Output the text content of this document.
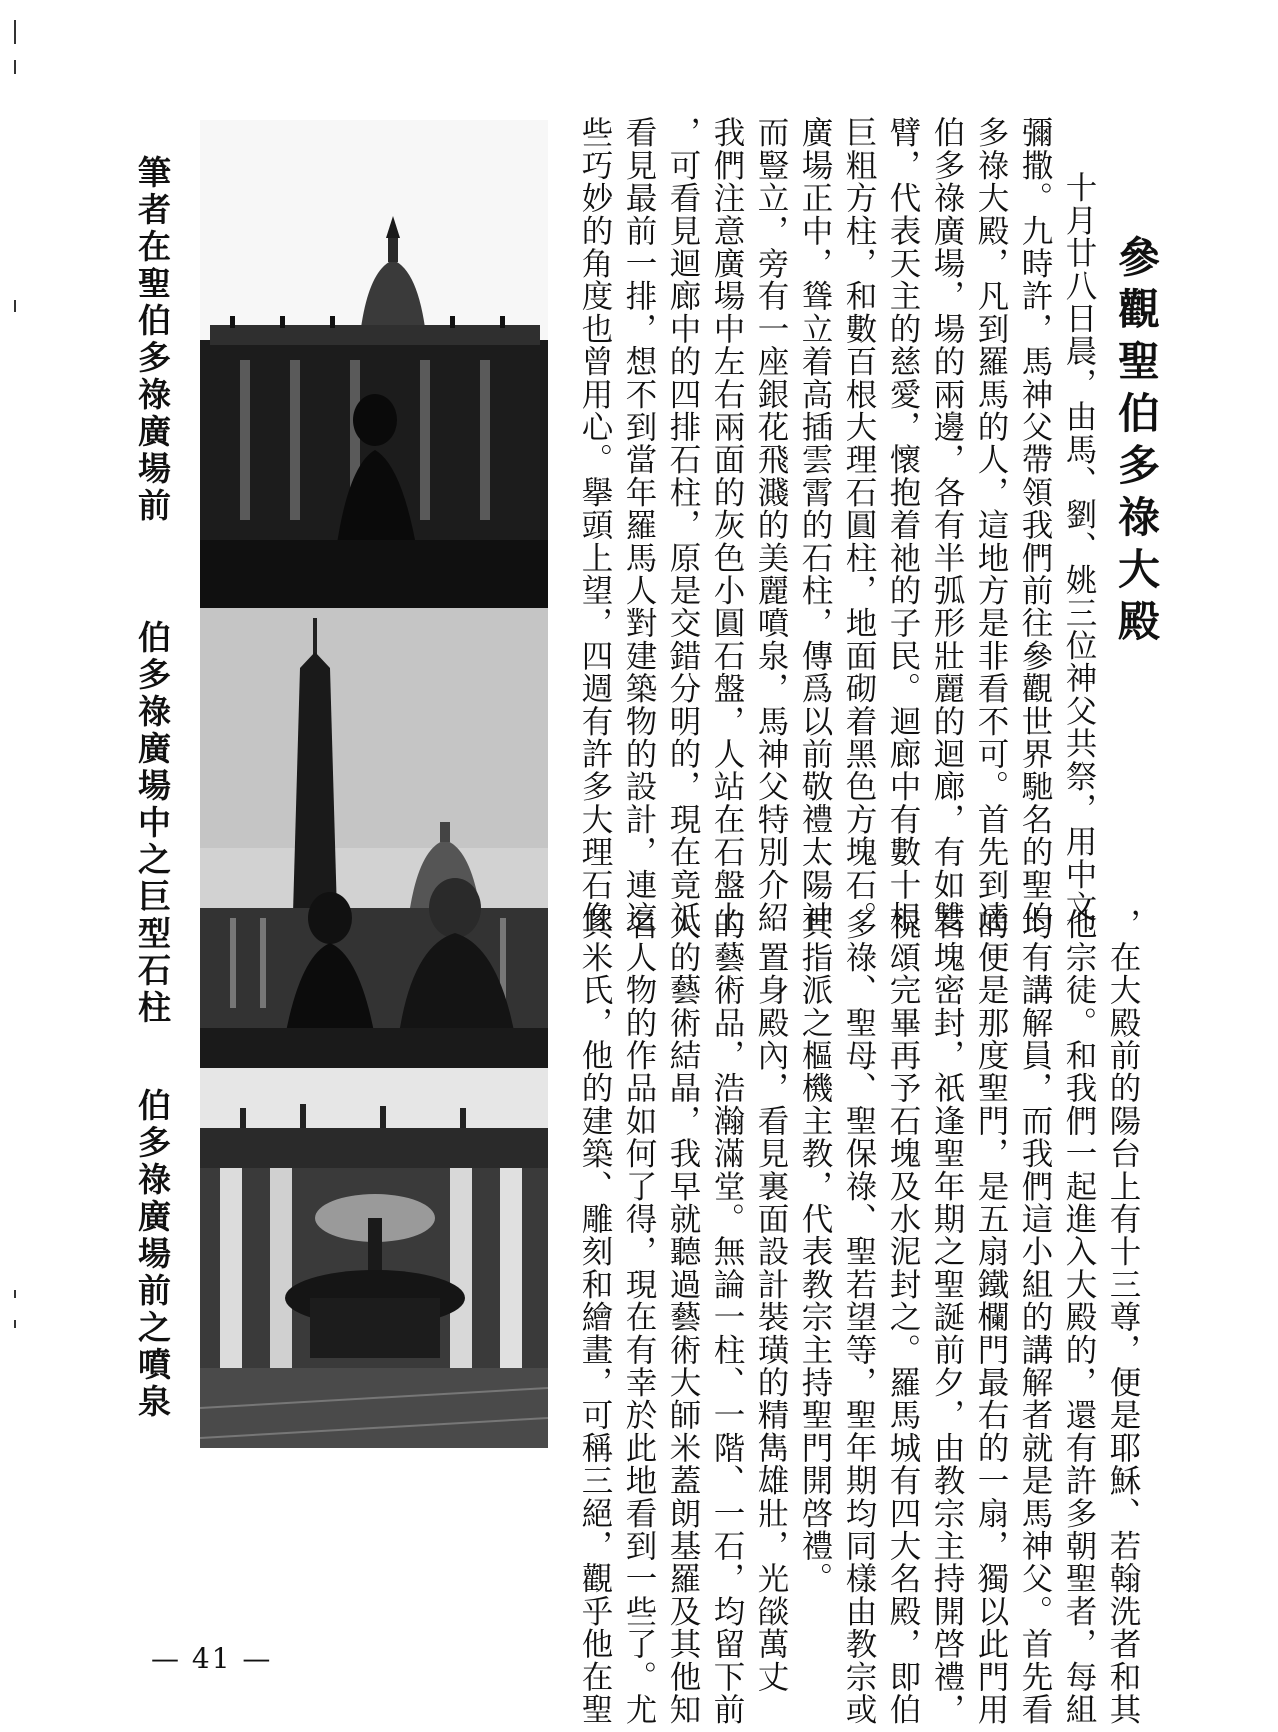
參觀聖伯多祿大殿
十月廿八日晨，由馬、劉、姚三位神父共祭，用中文
彌撒。九時許，馬神父帶領我們前往參觀世界馳名的聖伯
多祿大殿，凡到羅馬的人，這地方是非看不可。首先到達
伯多祿廣場，場的兩邊，各有半弧形壯麗的迴廊，有如雙
臂，代表天主的慈愛，懷抱着祂的子民。迴廊中有數十根
巨粗方柱，和數百根大理石圓柱，地面砌着黑色方塊石。
廣場正中，聳立着高插雲霄的石柱，傳爲以前敬禮太陽神
而豎立，旁有一座銀花飛濺的美麗噴泉，馬神父特別介紹
我們注意廣場中左右兩面的灰色小圓石盤，人站在石盤上
，可看見迴廊中的四排石柱，原是交錯分明的，現在竟祇
看見最前一排，想不到當年羅馬人對建築物的設計，連這
些巧妙的角度也曾用心。擧頭上望，四週有許多大理石像
，在大殿前的陽台上有十三尊，便是耶穌、若翰洗者和其
他宗徒。和我們一起進入大殿的，還有許多朝聖者，每組
均有講解員，而我們這小組的講解者就是馬神父。首先看
的便是那度聖門，是五扇鐵欄門最右的一扇，獨以此門用
石塊密封，祇逢聖年期之聖誕前夕，由教宗主持開啓禮，
祝頌完畢再予石塊及水泥封之。羅馬城有四大名殿，即伯
多祿、聖母、聖保祿、聖若望等，聖年期均同樣由教宗或
其指派之樞機主教，代表教宗主持聖門開啓禮。
　置身殿內，看見裏面設計裝璜的精雋雄壯，光燄萬丈
的藝術品，浩瀚滿堂。無論一柱、一階、一石，均留下前
人的藝術結晶，我早就聽過藝術大師米蓋朗基羅及其他知
名人物的作品如何了得，現在有幸於此地看到一些了。尤
其米氏，他的建築、雕刻和繪畫，可稱三絕，觀乎他在聖
筆者在聖伯多祿廣場前
伯多祿廣場中之巨型石柱
伯多祿廣場前之噴泉
— 41 —
